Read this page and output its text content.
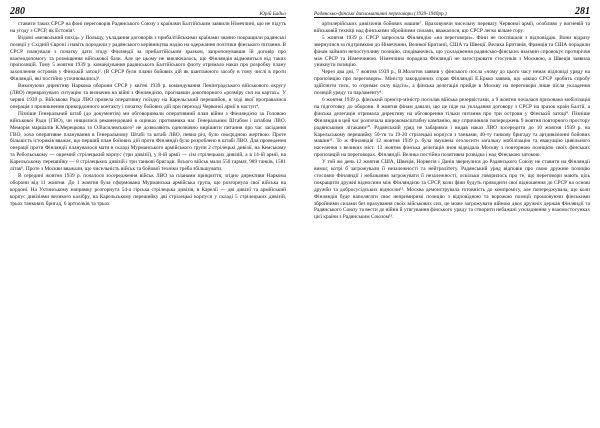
280	Юрій Бадьо

ставити таких СРСР на фоні переговорів Радянського Союзу з країнами Балтійським заявили Німеччині, що не підуть на угоду з СРСР, як Естонія¹.

Відомі «визвольний похід» у Польщу, укладання договорів з прибалтійськими країнами значно покращили радянські позиції у Східній Європі і навіть породили у радянського керівництва надію на одержання політики фінського питання. В СРСР планували з початку дати згоду Фінляндії за прибалтійським зразком, запропонувавши їй договір про взаємодопомогу та розміщення військової бази. Але це цьому не виключалось, що Фінляндія відмовиться від таких пропозицій. Тому 5 жовтня 1939 р. командування радянського Балтійського флоту отримало наказ про розробку плану захоплення островів у Фінській затоці². (В СРСР були плани бойових дій як шантажного засобу в тому числі в проти Фінляндії, які постійно уточнювались)³.

Виконуючи директиву Наркома оборони СРСР у квітні 1939 р. командування Ленінградського військового округу (ЛВО) переврахувало ситуацію та визначив на війні з Фінляндією, прогнавши докотворного «розміру сил на картах». У червні 1939 р. Військова Рада ЛВО провела оперативну поїздку на Карельський перешийок, в ході якої програвалися операція з проникнення прикордонного контакту і початку бойових дій при переході Червоної армії в наступ⁴.

Пізніше Генеральний штаб (до документів) ми обговорювали оперативний план війни з Фінляндією за Головою військової Ради (ГВО), чи нищилися рекомендовані в оцінках противника нас Генеральним Штабом і штабом ЛВО. Меморія маршалів К.Мерецкова та О.Василевського⁵ не дозволяють однозначно вирішити питання про час засідання ГВО, хоча оперативне планування в Генеральному Штабі та штабі ЛВО, певна річ, було своєрідною жертвою. Проте більшість істориків вважає, що перший план бойових дій проти Фінляндії було розроблено в штабі ЛВО. Для проведення операції проти Фінляндії планувалося мати в складі Мурманського армійського групи 2 стрілецькі дивізії, на Кемському та Ребольському — окремий стрілецький корпус (три дивізії), у 8-ій армії — сім стрілецьких дивізій, а в 14-ій армії, на Карельському перешийку — 8 стрілецьких дивізій і три танкові бригади. Всього військ мали 550 гармат, 989 танків, 1581 літак⁶. Проте з Москви вважали, що чисельність військ та бойової техніки треба збільшувати.

В середині жовтня 1939 р. почалося зосередження військ ЛВО за планами прикриття, згідно директиви Наркома оборони від 11 жовтня. До 1 жовтня була сформована Мурманська армійська група, що розгорнула свої війська на кордоні. На Ухтинському напрямку розгорнута 54-а гірська стрілецька дивізія, в Карелії — дві дивізії та армійський корпус дивізіями великого калібру, на Карельському перешийку дві стрілецькі корпуси у складі 5 стрілецьких дивізій, трьох танкових бригад, 6 артполків та трьох

Радянсько-фінські дипломатичні переговори (1939-1940рр.)	281

артилерійських дивізіонів бойових машин⁷. Враховуючи чисельну перевагу Червоної армії, особливо у вогневій та військовій техніці над фінськими збройними силами, вважалося, що СРСР легко візьме гору.

5 жовтня 1939 р. СРСР запросила Фінляндію «на переговори». Фіни не поспішали з відповіддю. Вони відразу звернулися за підтримкою до Німеччини, Великої Британії, США та Швеції. Велика Британія, Франція та США порадили фінам займати непоступливу позицію, сподіваючись, що ускладнення радянсько-фінських взаємин спровокує протиріччя між СРСР та Німеччиною. Німеччина порадила Фінляндії не загострювати стосунків з Москвою, а Швеція заявила уникнути позицію.

Через два дні, 7 жовтня 1939 р., В.Молотов заявив у фінського посла «чому до цього часу немає відповіді уряду на пропозицію про переговори». Міністр закордонних справ Фінляндії Е.Еркко заявив, що «якщо СРСР зробить спробу здійснити тиск, то отримає силу відсіч», а фінська делегація прийде в Москву на переговори лише після укладення позицій уряду та парламенту⁸.

6 жовтня 1939 р. фінський прем'єр-міністр посилав війська резервістами, а 9 жовтня почалася прихована мобілізація на підготовку до оборони. 8 жовтня фінам давали, що це піде на укладання договору з СРСР на зразок країн Балтії, а фінська делегація отримала директиву на обговорення тільки питання про три острови у Фінській затоці⁹. Пізніше Фінляндія в цей час розпочала широкомасштабну кампанію, яку спричиняли попереджень 9 жовтня повторного простору радянськими літаками¹⁰. Радянський уряд не забарився і видав наказ ЛВО зосередити до 10 жовтня 1939 р. на Карельському перешийку 50-ти та 19-20 стрілецькі корпуси з танками, 40-ту танкову бригаду та артдивізіонні бойових машин¹¹. То ж Фінляндія 12 жовтня 1939 р. була змушена оголосити загальну мобілізацію та евакуацію цивільного населення з великих міст. 13 жовтня фінська делегація знов відвідала Москву з повторною позицією своїх фінських пропозицій на переговорах. Фінляндії. Велика постійна позитивна розвідка і над Фінською затокою.

У той же день 12 жовтня США, Швеція, Норвегія і Данія звернулися до Радянського Союзу не ставити на Фінляндії вимог, котрі б загрожували її незалежності та нейтралітету. Радянський уряд відповів про свою дружню позицію стосовно Фінляндії і небажання загрожувати її незалежності, оскільки говорилось про те, що переговори мають ціль покращити дружні відносини між Фінляндією та СРСР, коли фіни будуть проводити свої відношення до СРСР на основі дружби та добросусідських відносин¹². Москва демонструвала готовність до компромісу, але попереджувала, що коли Фінляндія буде наполягати своє непримиримі позицію з відповідною та ворожою позиції прошовуючи фінськими збройними силами без врахування своїх військових сил, це може загрожувати війною двох дружніх держав Фінляндії та Радянського Союзу та вести до війни й утягування фінського уряду та створити небажані ускладнення у взаємостосунках цієї країни з Радянським Союзом¹³.
